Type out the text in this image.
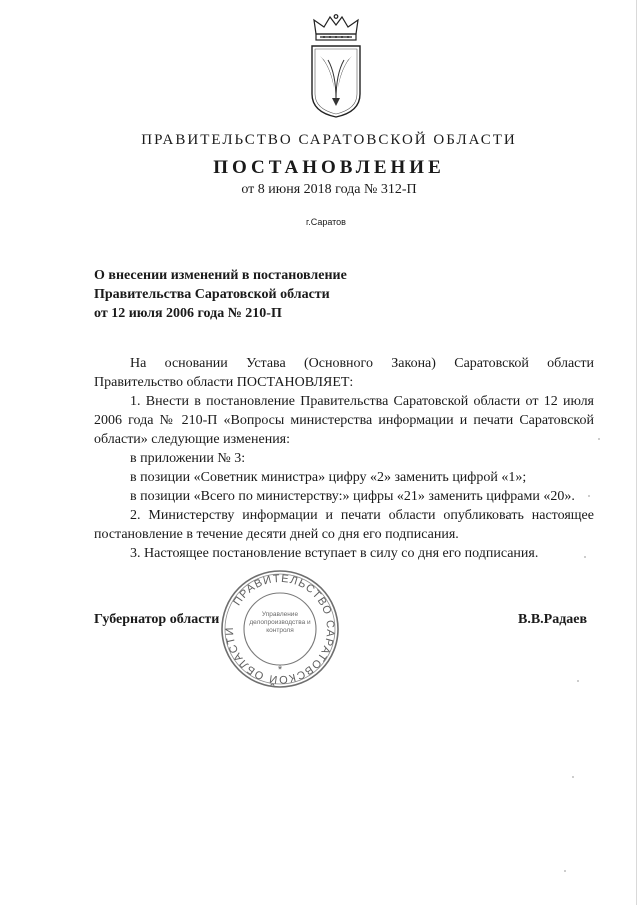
ПРАВИТЕЛЬСТВО САРАТОВСКОЙ ОБЛАСТИ
ПОСТАНОВЛЕНИЕ
от 8 июня 2018 года № 312-П
г.Саратов
О внесении изменений в постановление
Правительства Саратовской области
от 12 июля 2006 года № 210-П
На основании Устава (Основного Закона) Саратовской области
Правительство области ПОСТАНОВЛЯЕТ:
1. Внести в постановление Правительства Саратовской области от 12 июля
2006 года № 210-П «Вопросы министерства информации и печати Саратовской
области» следующие изменения:
в приложении № 3:
в позиции «Советник министра» цифру «2» заменить цифрой «1»;
в позиции «Всего по министерству:» цифры «21» заменить цифрами «20».
2. Министерству информации и печати области опубликовать настоящее
постановление в течение десяти дней со дня его подписания.
3. Настоящее постановление вступает в силу со дня его подписания.
ПРАВИТЕЛЬСТВО САРАТОВСКОЙ ОБЛАСТИ
*
Управление делопроизводства и контроля
Губернатор области	В.В.Радаев
